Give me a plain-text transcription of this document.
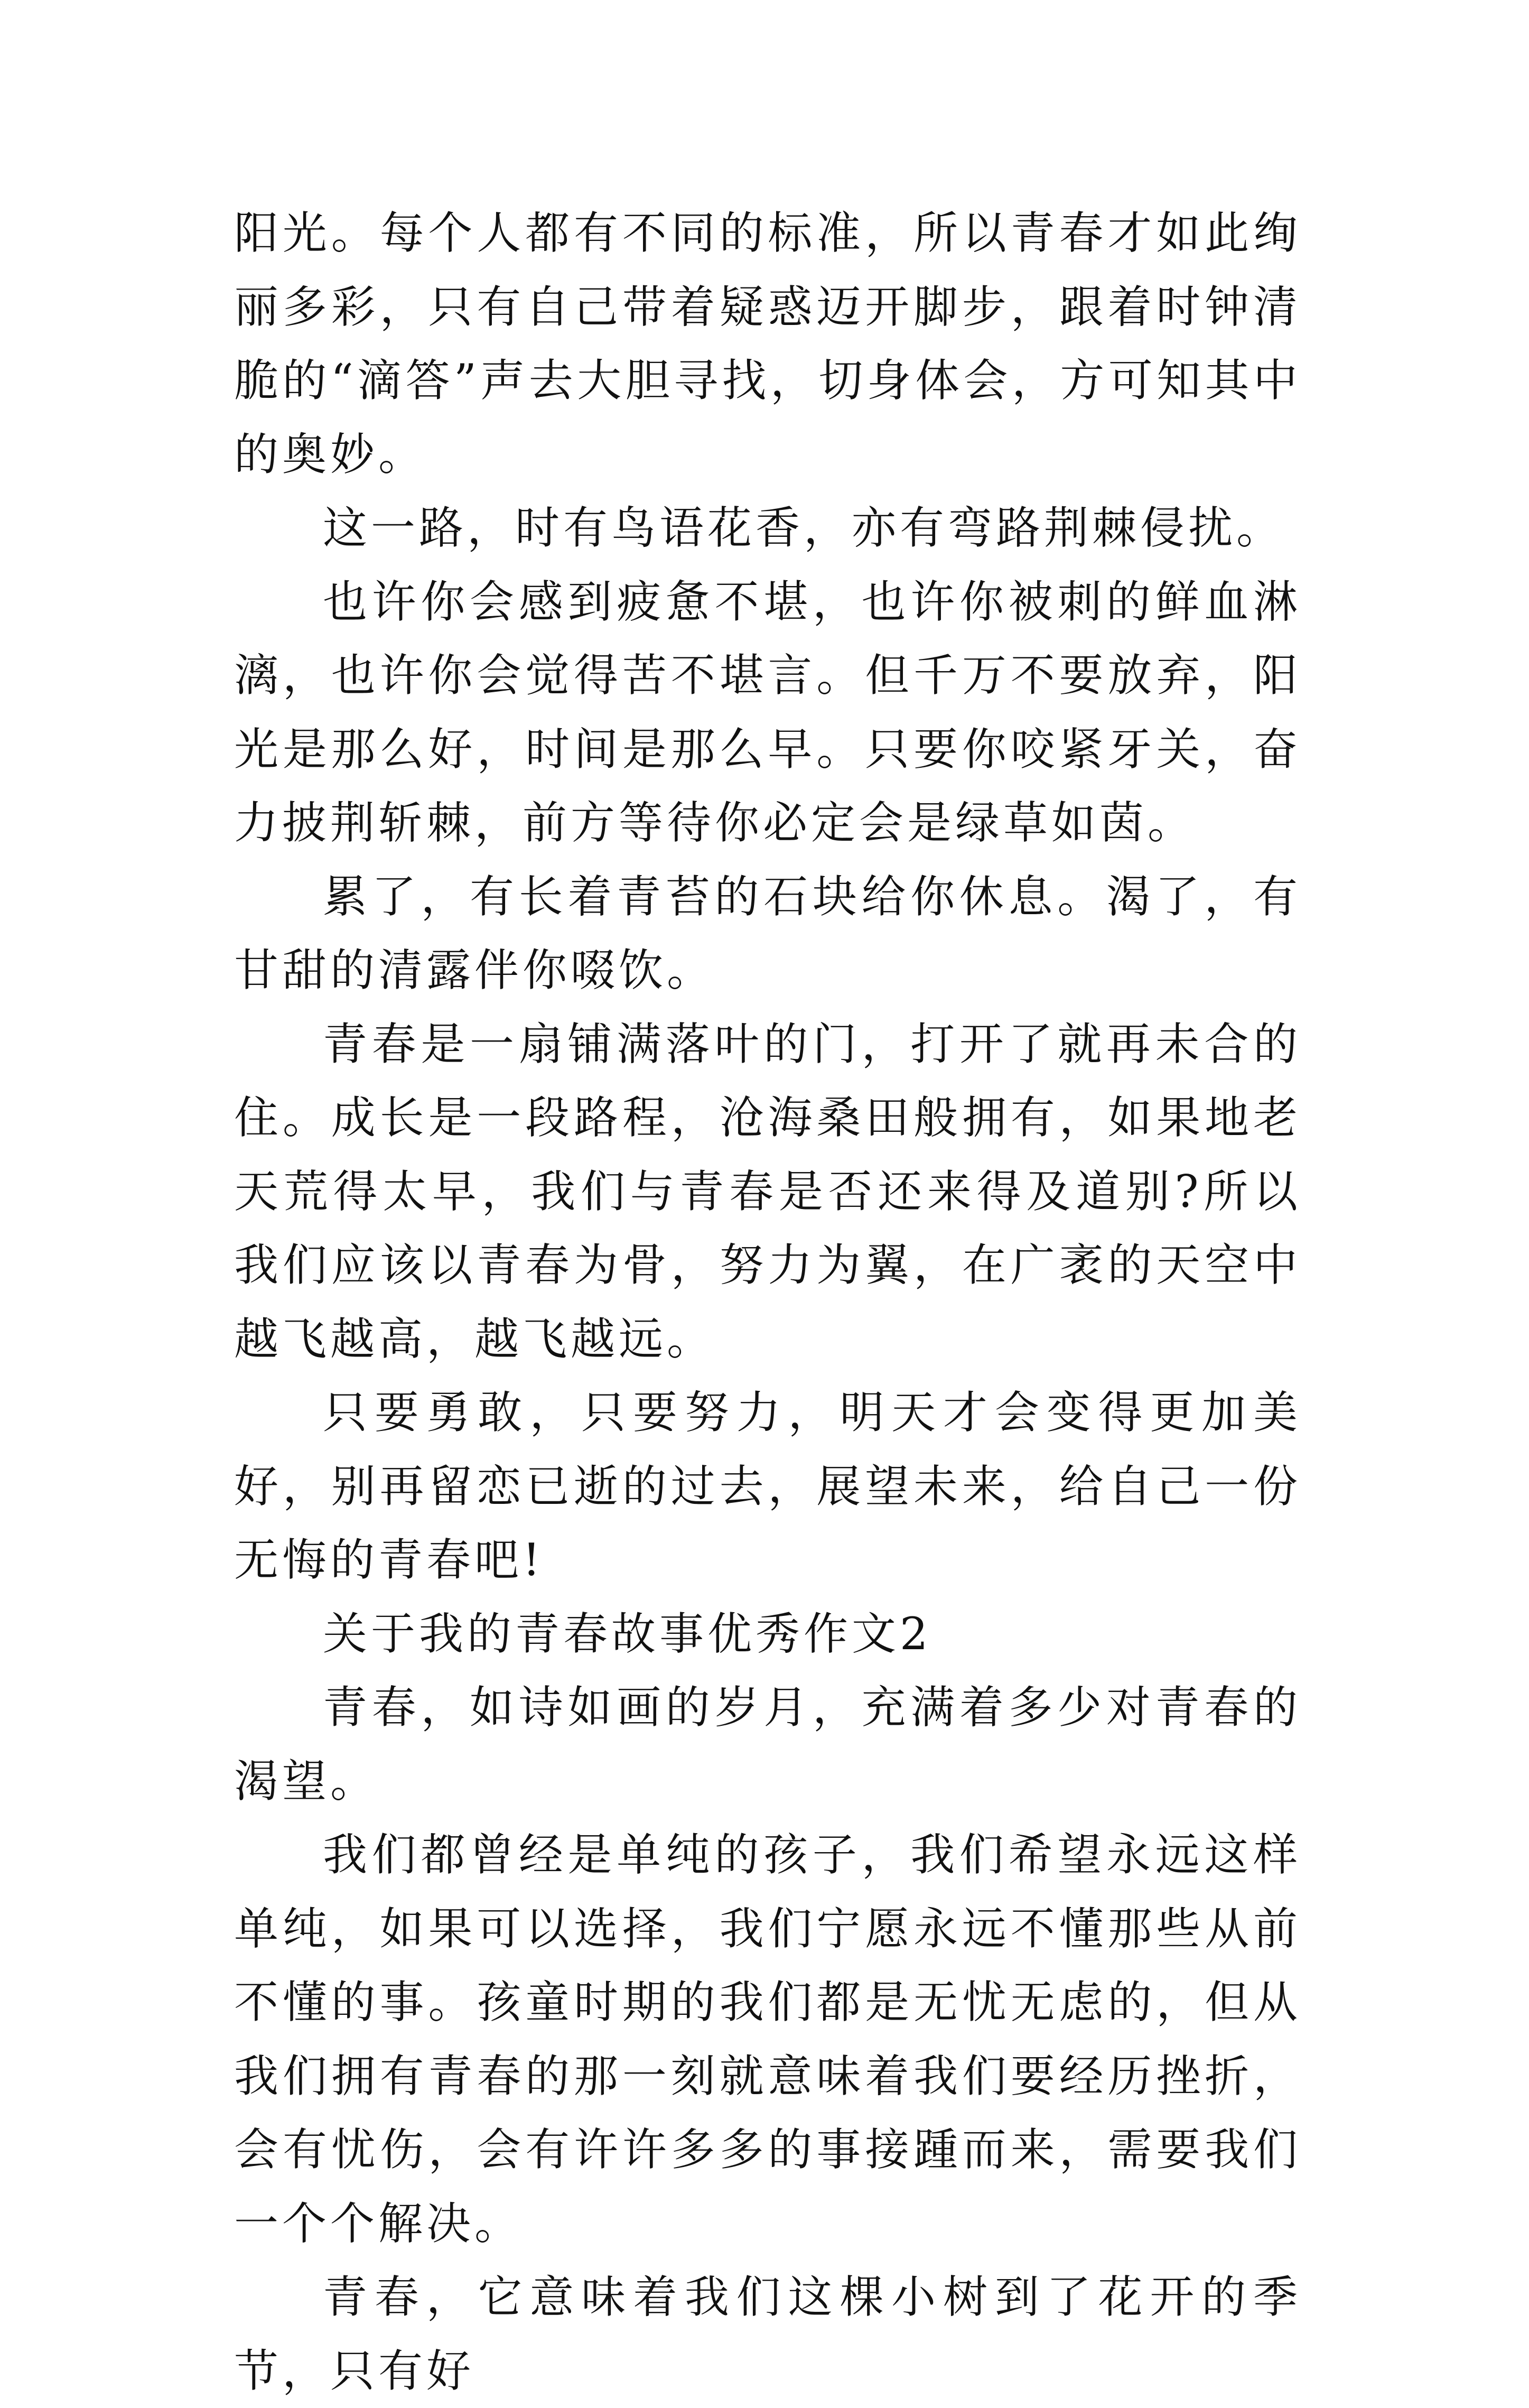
阳光。每个人都有不同的标准，所以青春才如此绚丽多彩，只有自己带着疑惑迈开脚步，跟着时钟清脆的“滴答”声去大胆寻找，切身体会，方可知其中的奥妙。

这一路，时有鸟语花香，亦有弯路荆棘侵扰。

也许你会感到疲惫不堪，也许你被刺的鲜血淋漓，也许你会觉得苦不堪言。但千万不要放弃，阳光是那么好，时间是那么早。只要你咬紧牙关，奋力披荆斩棘，前方等待你必定会是绿草如茵。

累了，有长着青苔的石块给你休息。渴了，有甘甜的清露伴你啜饮。

青春是一扇铺满落叶的门，打开了就再未合的住。成长是一段路程，沧海桑田般拥有，如果地老天荒得太早，我们与青春是否还来得及道别?所以我们应该以青春为骨，努力为翼，在广袤的天空中越飞越高，越飞越远。

只要勇敢，只要努力，明天才会变得更加美好，别再留恋已逝的过去，展望未来，给自己一份无悔的青春吧!

关于我的青春故事优秀作文2

青春，如诗如画的岁月，充满着多少对青春的渴望。

我们都曾经是单纯的孩子，我们希望永远这样单纯，如果可以选择，我们宁愿永远不懂那些从前不懂的事。孩童时期的我们都是无忧无虑的，但从我们拥有青春的那一刻就意味着我们要经历挫折，会有忧伤，会有许许多多的事接踵而来，需要我们一个个解决。

青春，它意味着我们这棵小树到了花开的季节，只有好
